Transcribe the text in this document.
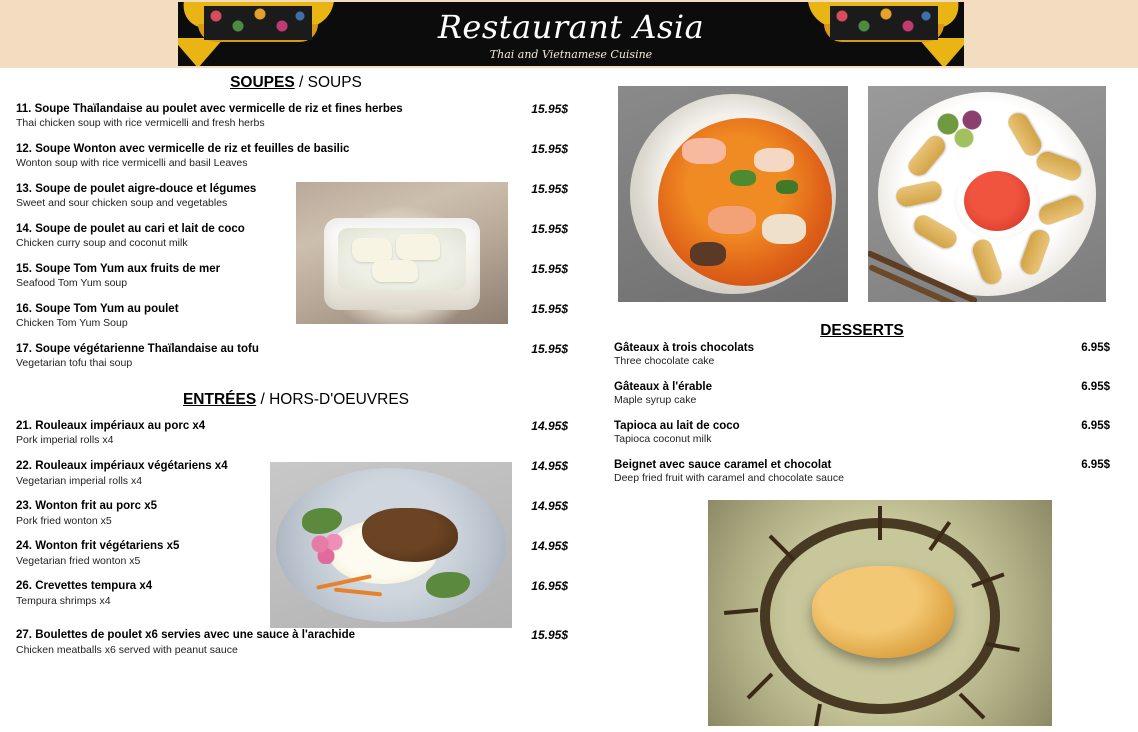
Restaurant Asia
Thai and Vietnamese Cuisine
SOUPES / SOUPS
11. Soupe Thaïlandaise au poulet avec vermicelle de riz et fines herbes
Thai chicken soup with rice vermicelli and fresh herbs
15.95$
12. Soupe Wonton avec vermicelle de riz et feuilles de basilic
Wonton soup with rice vermicelli and basil Leaves
15.95$
13. Soupe de poulet aigre-douce et légumes
Sweet and sour chicken soup and vegetables
15.95$
14. Soupe de poulet au cari et lait de coco
Chicken curry soup and coconut milk
15.95$
15. Soupe Tom Yum aux fruits de mer
Seafood Tom Yum soup
15.95$
16. Soupe Tom Yum au poulet
Chicken Tom Yum Soup
15.95$
17. Soupe végétarienne Thaïlandaise au tofu
Vegetarian tofu thai soup
15.95$
ENTRÉES / HORS-D'OEUVRES
21. Rouleaux impériaux au porc x4
Pork imperial rolls x4
14.95$
22. Rouleaux impériaux végétariens x4
Vegetarian imperial rolls x4
14.95$
23. Wonton frit au porc x5
Pork fried wonton x5
14.95$
24. Wonton frit végétariens x5
Vegetarian fried wonton x5
14.95$
26. Crevettes tempura x4
Tempura shrimps x4
16.95$
27. Boulettes de poulet x6 servies avec une sauce à l'arachide
Chicken meatballs x6 served with peanut sauce
15.95$
DESSERTS
Gâteaux à trois chocolats
Three chocolate cake
6.95$
Gâteaux à l'érable
Maple syrup cake
6.95$
Tapioca au lait de coco
Tapioca coconut milk
6.95$
Beignet avec sauce caramel et chocolat
Deep fried fruit with caramel and chocolate sauce
6.95$
